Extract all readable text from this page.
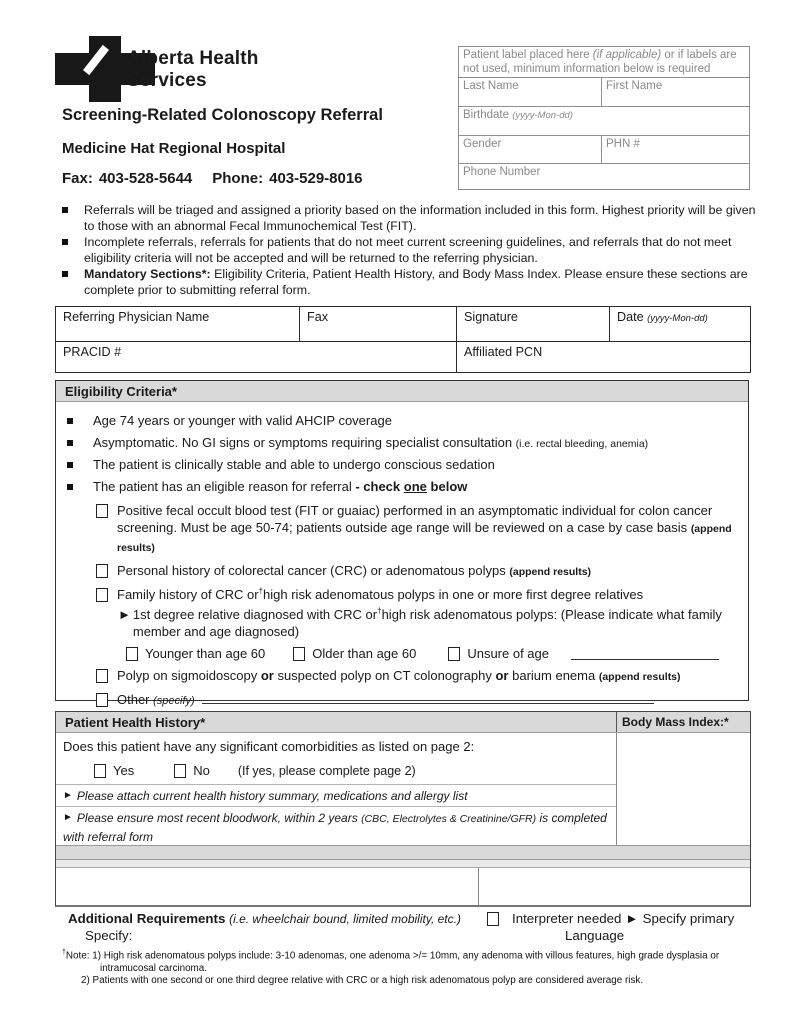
Alberta Health
Services
Screening-Related Colonoscopy Referral
Medicine Hat Regional Hospital
Fax: 403-528-5644 Phone: 403-529-8016
Patient label placed here (if applicable) or if labels are not used, minimum information below is required
Last Name	First Name
Birthdate (yyyy-Mon-dd)
Gender	PHN #
Phone Number
Referrals will be triaged and assigned a priority based on the information included in this form. Highest priority will be given to those with an abnormal Fecal Immunochemical Test (FIT).
Incomplete referrals, referrals for patients that do not meet current screening guidelines, and referrals that do not meet eligibility criteria will not be accepted and will be returned to the referring physician.
Mandatory Sections*: Eligibility Criteria, Patient Health History, and Body Mass Index. Please ensure these sections are complete prior to submitting referral form.
Referring Physician Name	Fax	Signature	Date (yyyy-Mon-dd)
PRACID #	Affiliated PCN
Eligibility Criteria*
Age 74 years or younger with valid AHCIP coverage
Asymptomatic. No GI signs or symptoms requiring specialist consultation (i.e. rectal bleeding, anemia)
The patient is clinically stable and able to undergo conscious sedation
The patient has an eligible reason for referral - check one below
Positive fecal occult blood test (FIT or guaiac) performed in an asymptomatic individual for colon cancer screening. Must be age 50-74; patients outside age range will be reviewed on a case by case basis (append results)
Personal history of colorectal cancer (CRC) or adenomatous polyps (append results)
Family history of CRC or†high risk adenomatous polyps in one or more first degree relatives
► 1st degree relative diagnosed with CRC or†high risk adenomatous polyps: (Please indicate what family member and age diagnosed)
Younger than age 60	Older than age 60	Unsure of age
Polyp on sigmoidoscopy or suspected polyp on CT colonography or barium enema (append results)
Other (specify)
Patient Health History*	Body Mass Index:*
Does this patient have any significant comorbidities as listed on page 2:
Yes	No (If yes, please complete page 2)
► Please attach current health history summary, medications and allergy list
► Please ensure most recent bloodwork, within 2 years (CBC, Electrolytes & Creatinine/GFR) is completed
with referral form
Additional Requirements (i.e. wheelchair bound, limited mobility, etc.)
Specify:
Interpreter needed ► Specify primary
Language
†Note: 1) High risk adenomatous polyps include: 3-10 adenomas, one adenoma >/= 10mm, any adenoma with villous features, high grade dysplasia or
intramucosal carcinoma.
2) Patients with one second or one third degree relative with CRC or a high risk adenomatous polyp are considered average risk.
